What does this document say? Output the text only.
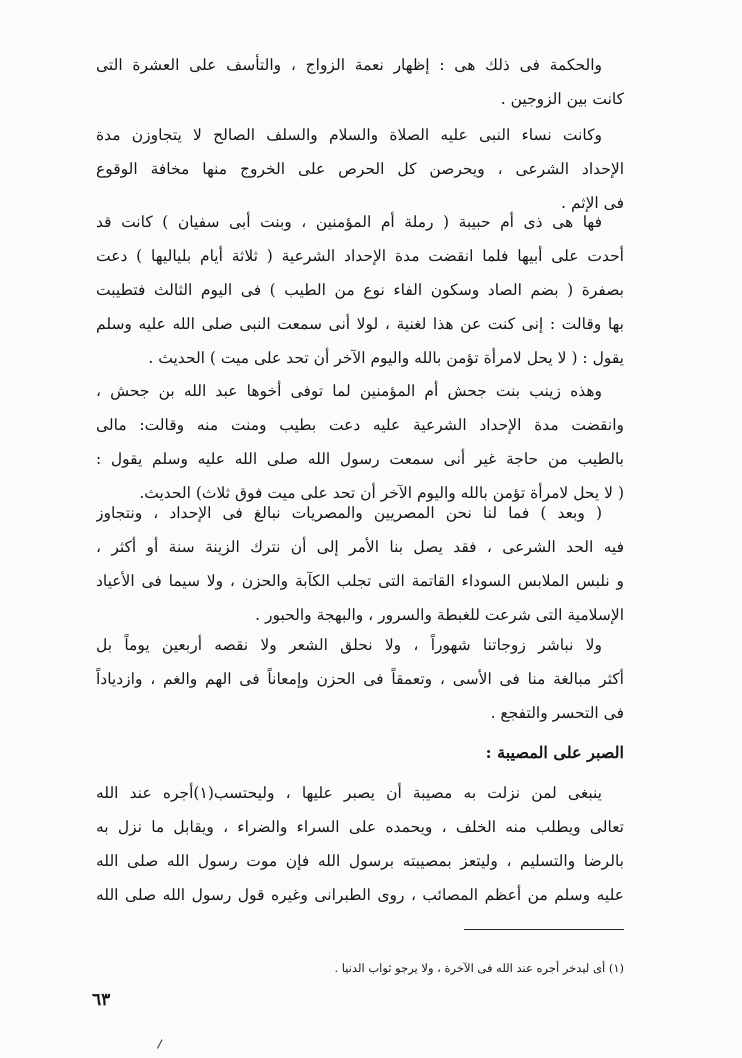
والحكمة فى ذلك هى : إظهار نعمة الزواج ، والتأسف على العشرة التى
كانت بين الزوجين .
وكانت نساء النبى عليه الصلاة والسلام والسلف الصالح لا يتجاوزن مدة
الإحداد الشرعى ، ويحرصن كل الحرص على الخروج منها مخافة الوقوع
فى الإثم .
فها هى ذى أم حبيبة ( رملة أم المؤمنين ، وبنت أبى سفيان ) كانت قد
أحدت على أبيها فلما انقضت مدة الإحداد الشرعية ( ثلاثة أيام بلياليها ) دعت
بصفرة ( بضم الصاد وسكون الفاء نوع من الطيب ) فى اليوم الثالث فتطيبت
بها وقالت : إنى كنت عن هذا لغنية ، لولا أنى سمعت النبى صلى الله عليه وسلم
يقول : ( لا يحل لامرأة تؤمن بالله واليوم الآخر أن تحد على ميت ) الحديث .
وهذه زينب بنت جحش أم المؤمنين لما توفى أخوها عبد الله بن جحش ،
وانقضت مدة الإحداد الشرعية عليه دعت بطيب ومنت منه وقالت: مالى
بالطيب من حاجة غير أنى سمعت رسول الله صلى الله عليه وسلم يقول :
( لا يحل لامرأة تؤمن بالله واليوم الآخر أن تحد على ميت فوق ثلاث) الحديث.
( وبعد ) فما لنا نحن المصريين والمصريات نبالغ فى الإحداد ، ونتجاوز
فيه الحد الشرعى ، فقد يصل بنا الأمر إلى أن نترك الزينة سنة أو أكثر ،
و نلبس الملابس السوداء القاتمة التى تجلب الكآبة والحزن ، ولا سيما فى الأعياد
الإسلامية التى شرعت للغبطة والسرور ، والبهجة والحبور .
ولا نباشر زوجاتنا شهوراً ، ولا نحلق الشعر ولا نقصه أربعين يوماً بل
أكثر مبالغة منا فى الأسى ، وتعمقاً فى الحزن وإمعاناً فى الهم والغم ، وازدياداً
فى التحسر والتفجع .
الصبر على المصيبة :
ينبغى لمن نزلت به مصيبة أن يصبر عليها ، وليحتسب(١)أجره عند الله
تعالى ويطلب منه الخلف ، ويحمده على السراء والضراء ، ويقابل ما نزل به
بالرضا والتسليم ، وليتعز بمصيبته برسول الله فإن موت رسول الله صلى الله
عليه وسلم من أعظم المصائب ، روى الطبرانى وغيره قول رسول الله صلى الله
(١) أى ليدخر أجره عند الله فى الآخرة ، ولا يرجو ثواب الدنيا .
٦٣
